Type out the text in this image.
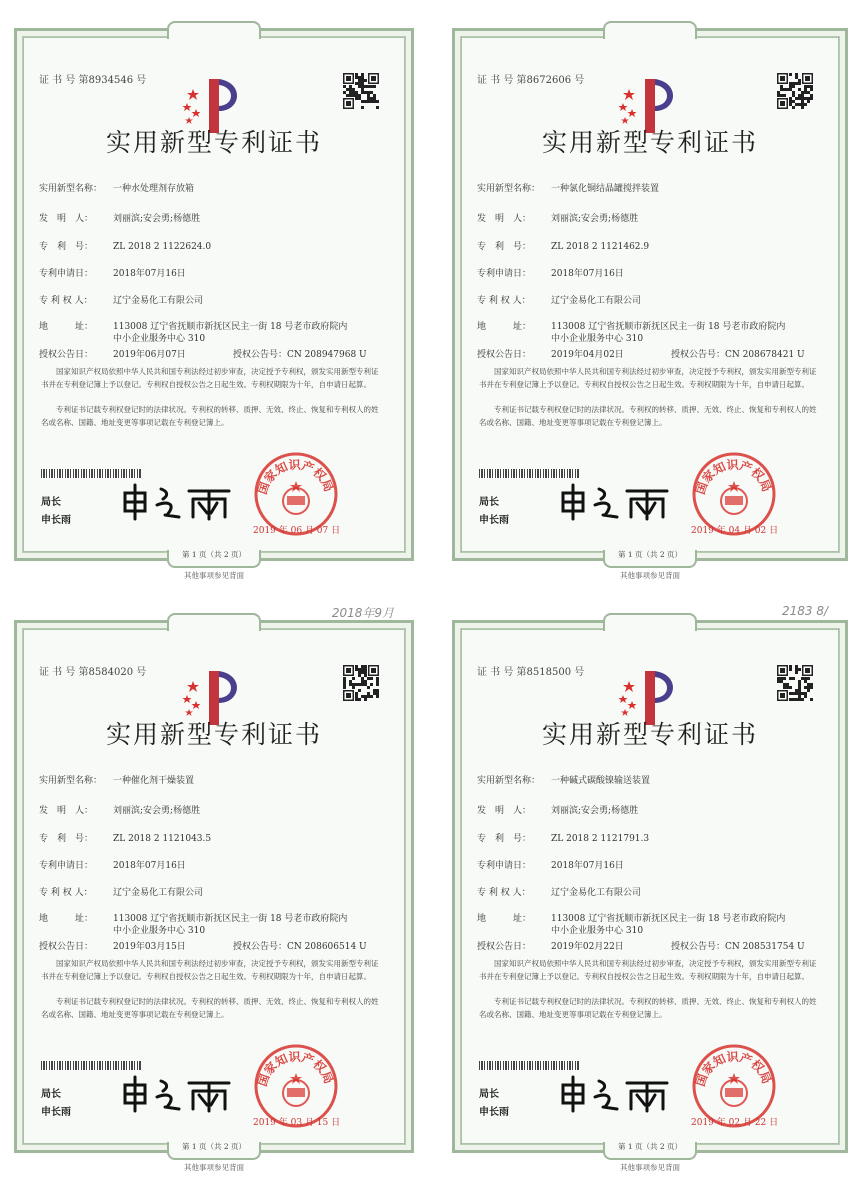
证 书 号 第8934546 号
实用新型专利证书
实用新型名称： 一种水处理剂存放箱
发　明　人： 刘丽滨;安会勇;杨德胜
专　利　号： ZL 2018 2 1122624.0
专利申请日： 2018年07月16日
专 利 权 人： 辽宁金易化工有限公司
地　　　址： 113008 辽宁省抚顺市新抚区民主一街 18 号老市政府院内
中小企业服务中心 310
授权公告日： 2019年06月07日	授权公告号：CN 208947968 U
国家知识产权局依照中华人民共和国专利法经过初步审查，决定授予专利权，颁发实用新型专利证书并在专利登记簿上予以登记。专利权自授权公告之日起生效。专利权期限为十年，自申请日起算。
专利证书记载专利权登记时的法律状况。专利权的转移、质押、无效、终止、恢复和专利权人的姓名或名称、国籍、地址变更等事项记载在专利登记簿上。
局长
申长雨
国家知识产权局
2019 年 06 月 07 日
第 1 页（共 2 页）
其他事项参见背面
证 书 号 第8672606 号
实用新型专利证书
实用新型名称： 一种氯化铜结晶罐搅拌装置
发　明　人： 刘丽滨;安会勇;杨德胜
专　利　号： ZL 2018 2 1121462.9
专利申请日： 2018年07月16日
专 利 权 人： 辽宁金易化工有限公司
地　　　址： 113008 辽宁省抚顺市新抚区民主一街 18 号老市政府院内
中小企业服务中心 310
授权公告日： 2019年04月02日	授权公告号：CN 208678421 U
国家知识产权局依照中华人民共和国专利法经过初步审查，决定授予专利权，颁发实用新型专利证书并在专利登记簿上予以登记。专利权自授权公告之日起生效。专利权期限为十年，自申请日起算。
专利证书记载专利权登记时的法律状况。专利权的转移、质押、无效、终止、恢复和专利权人的姓名或名称、国籍、地址变更等事项记载在专利登记簿上。
局长
申长雨
国家知识产权局
2019 年 04 月 02 日
第 1 页（共 2 页）
其他事项参见背面
证 书 号 第8584020 号
实用新型专利证书
实用新型名称： 一种催化剂干燥装置
发　明　人： 刘丽滨;安会勇;杨德胜
专　利　号： ZL 2018 2 1121043.5
专利申请日： 2018年07月16日
专 利 权 人： 辽宁金易化工有限公司
地　　　址： 113008 辽宁省抚顺市新抚区民主一街 18 号老市政府院内
中小企业服务中心 310
授权公告日： 2019年03月15日	授权公告号：CN 208606514 U
国家知识产权局依照中华人民共和国专利法经过初步审查，决定授予专利权，颁发实用新型专利证书并在专利登记簿上予以登记。专利权自授权公告之日起生效。专利权期限为十年，自申请日起算。
专利证书记载专利权登记时的法律状况。专利权的转移、质押、无效、终止、恢复和专利权人的姓名或名称、国籍、地址变更等事项记载在专利登记簿上。
局长
申长雨
国家知识产权局
2019 年 03 月 15 日
第 1 页（共 2 页）
其他事项参见背面
2018年9月
证 书 号 第8518500 号
实用新型专利证书
实用新型名称： 一种碱式碳酸镍输送装置
发　明　人： 刘丽滨;安会勇;杨德胜
专　利　号： ZL 2018 2 1121791.3
专利申请日： 2018年07月16日
专 利 权 人： 辽宁金易化工有限公司
地　　　址： 113008 辽宁省抚顺市新抚区民主一街 18 号老市政府院内
中小企业服务中心 310
授权公告日： 2019年02月22日	授权公告号：CN 208531754 U
国家知识产权局依照中华人民共和国专利法经过初步审查，决定授予专利权，颁发实用新型专利证书并在专利登记簿上予以登记。专利权自授权公告之日起生效。专利权期限为十年，自申请日起算。
专利证书记载专利权登记时的法律状况。专利权的转移、质押、无效、终止、恢复和专利权人的姓名或名称、国籍、地址变更等事项记载在专利登记簿上。
局长
申长雨
国家知识产权局
2019 年 02 月 22 日
第 1 页（共 2 页）
其他事项参见背面
2183 8/
